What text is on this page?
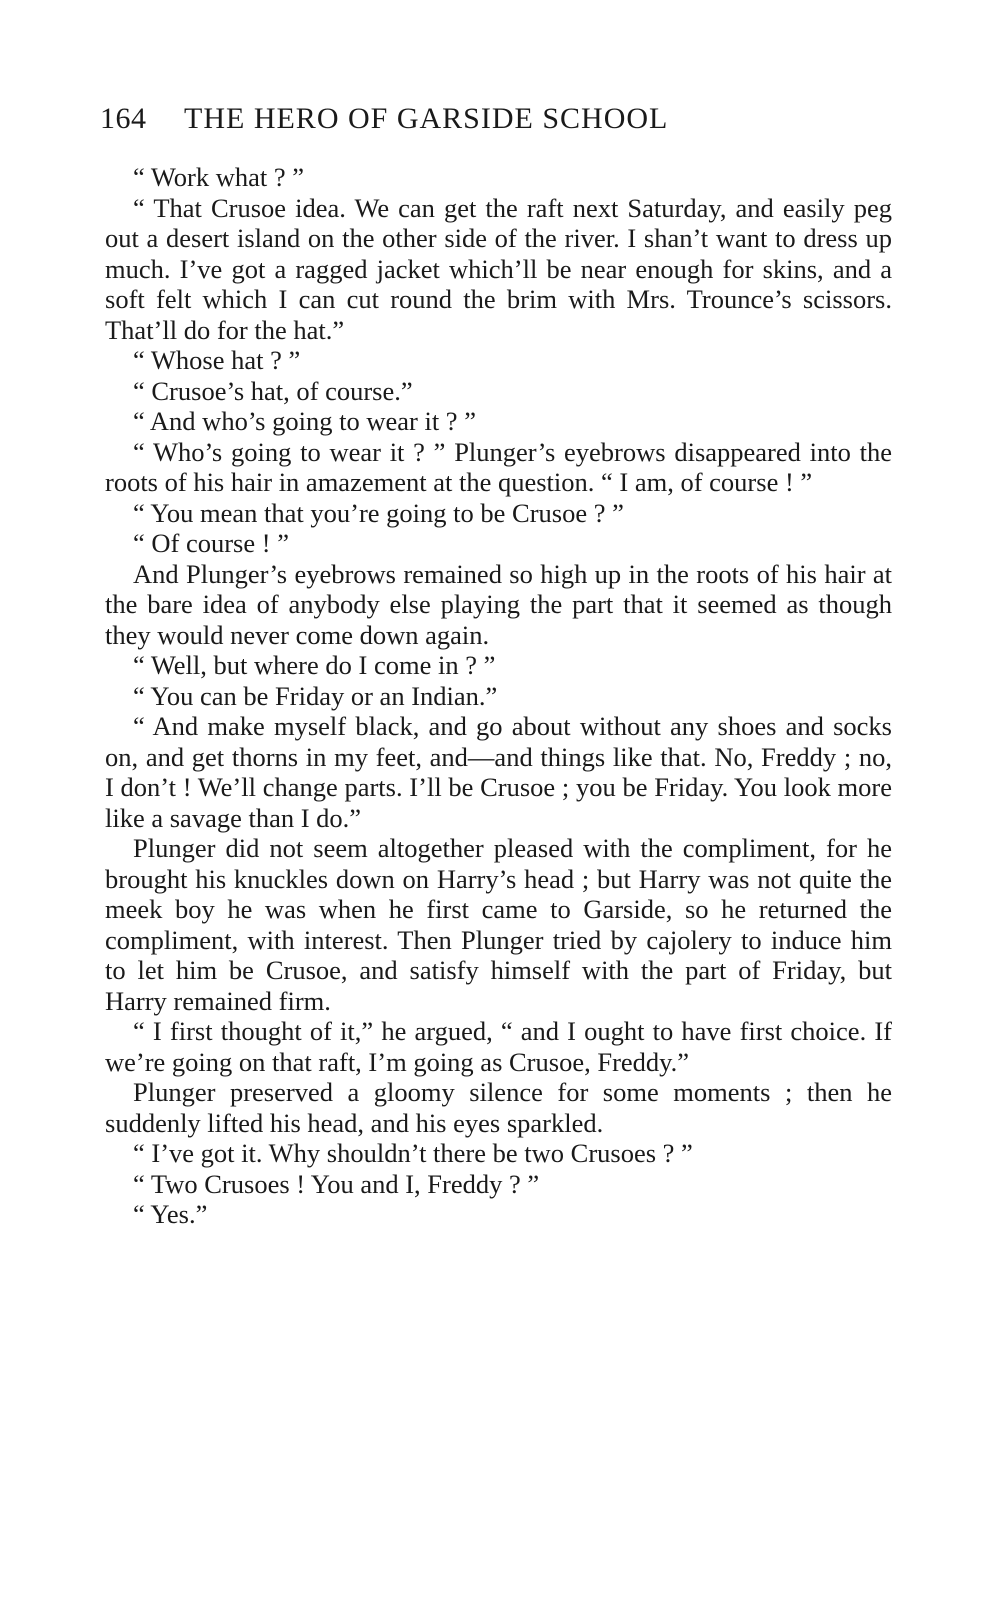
164 THE HERO OF GARSIDE SCHOOL

“ Work what ? ”

“ That Crusoe idea. We can get the raft next Saturday, and easily peg out a desert island on the other side of the river. I shan’t want to dress up much. I’ve got a ragged jacket which’ll be near enough for skins, and a soft felt which I can cut round the brim with Mrs. Trounce’s scissors. That’ll do for the hat.”

“ Whose hat ? ”

“ Crusoe’s hat, of course.”

“ And who’s going to wear it ? ”

“ Who’s going to wear it ? ” Plunger’s eyebrows disappeared into the roots of his hair in amazement at the question. “ I am, of course ! ”

“ You mean that you’re going to be Crusoe ? ”

“ Of course ! ”

And Plunger’s eyebrows remained so high up in the roots of his hair at the bare idea of anybody else playing the part that it seemed as though they would never come down again.

“ Well, but where do I come in ? ”

“ You can be Friday or an Indian.”

“ And make myself black, and go about without any shoes and socks on, and get thorns in my feet, and—and things like that. No, Freddy ; no, I don’t ! We’ll change parts. I’ll be Crusoe ; you be Friday. You look more like a savage than I do.”

Plunger did not seem altogether pleased with the compliment, for he brought his knuckles down on Harry’s head ; but Harry was not quite the meek boy he was when he first came to Garside, so he returned the compliment, with interest. Then Plunger tried by cajolery to induce him to let him be Crusoe, and satisfy himself with the part of Friday, but Harry remained firm.

“ I first thought of it,” he argued, “ and I ought to have first choice. If we’re going on that raft, I’m going as Crusoe, Freddy.”

Plunger preserved a gloomy silence for some moments ; then he suddenly lifted his head, and his eyes sparkled.

“ I’ve got it. Why shouldn’t there be two Crusoes ? ”

“ Two Crusoes ! You and I, Freddy ? ”

“ Yes.”
